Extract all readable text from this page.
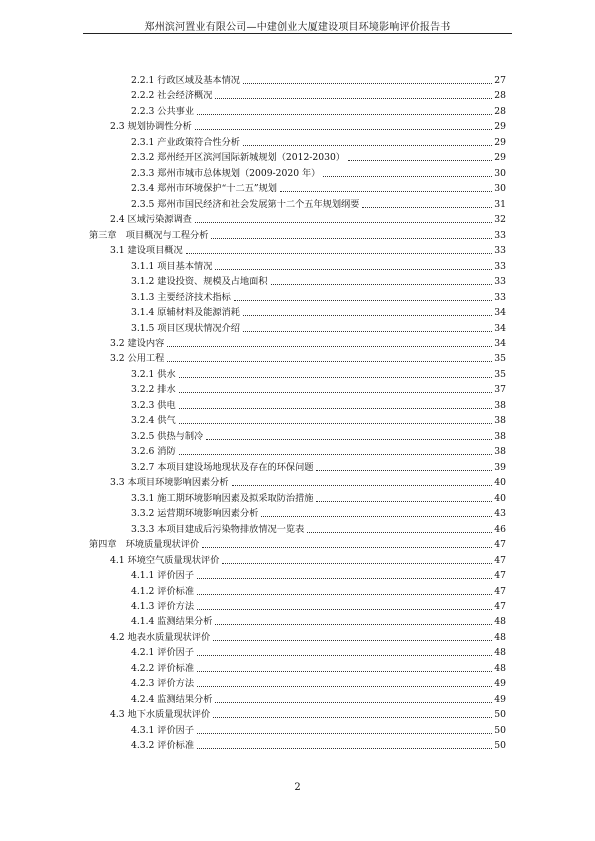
郑州滨河置业有限公司—中建创业大厦建设项目环境影响评价报告书
2.2.1 行政区域及基本情况	27
2.2.2 社会经济概况	28
2.2.3 公共事业	28
2.3 规划协调性分析	29
2.3.1 产业政策符合性分析	29
2.3.2 郑州经开区滨河国际新城规划（2012-2030）	29
2.3.3 郑州市城市总体规划（2009-2020 年）	30
2.3.4 郑州市环境保护“十二五”规划	30
2.3.5 郑州市国民经济和社会发展第十二个五年规划纲要	31
2.4 区域污染源调查	32
第三章　项目概况与工程分析	33
3.1 建设项目概况	33
3.1.1 项目基本情况	33
3.1.2 建设投资、规模及占地面积	33
3.1.3 主要经济技术指标	33
3.1.4 原辅材料及能源消耗	34
3.1.5 项目区现状情况介绍	34
3.2 建设内容	34
3.2 公用工程	35
3.2.1 供水	35
3.2.2 排水	37
3.2.3 供电	38
3.2.4 供气	38
3.2.5 供热与制冷	38
3.2.6 消防	38
3.2.7 本项目建设场地现状及存在的环保问题	39
3.3 本项目环境影响因素分析	40
3.3.1 施工期环境影响因素及拟采取防治措施	40
3.3.2 运营期环境影响因素分析	43
3.3.3 本项目建成后污染物排放情况一览表	46
第四章　环境质量现状评价	47
4.1 环境空气质量现状评价	47
4.1.1 评价因子	47
4.1.2 评价标准	47
4.1.3 评价方法	47
4.1.4 监测结果分析	48
4.2 地表水质量现状评价	48
4.2.1 评价因子	48
4.2.2 评价标准	48
4.2.3 评价方法	49
4.2.4 监测结果分析	49
4.3 地下水质量现状评价	50
4.3.1 评价因子	50
4.3.2 评价标准	50
2
